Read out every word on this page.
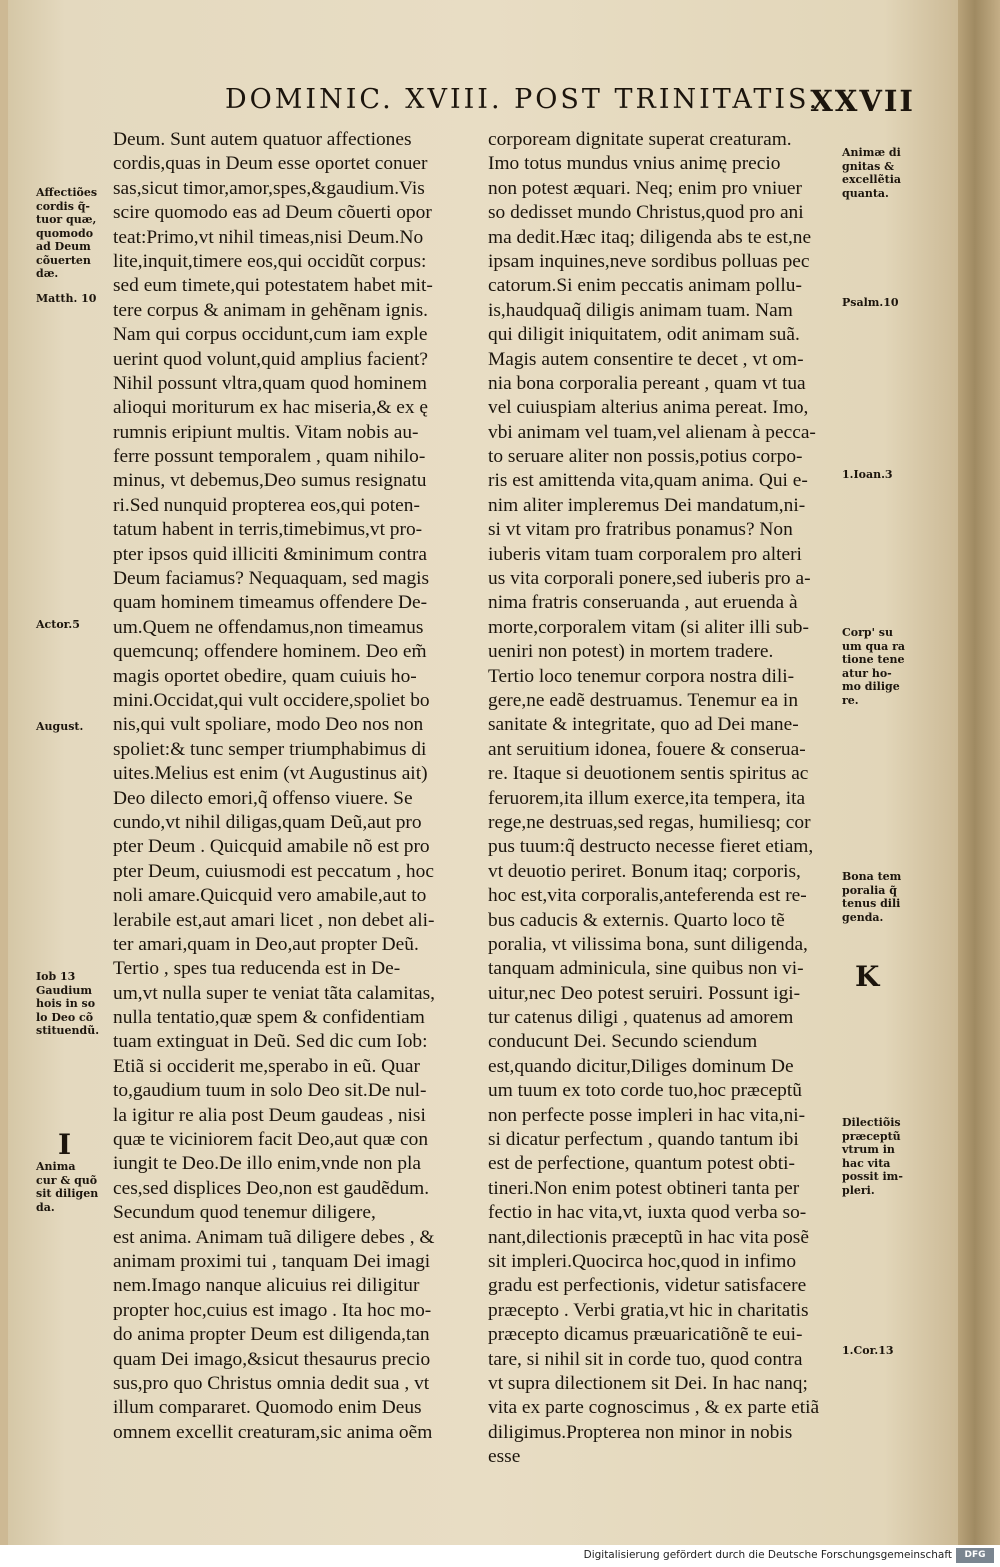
DOMINIC. XVIII. POST TRINITATIS.
XXVII
Deum. Sunt autem quatuor affectiones
cordis,quas in Deum esse oportet conuer
sas,sicut timor,amor,spes,&gaudium.Vis
scire quomodo eas ad Deum cõuerti opor
teat:Primo,vt nihil timeas,nisi Deum.No
lite,inquit,timere eos,qui occidũt corpus:
sed eum timete,qui potestatem habet mit-
tere corpus & animam in gehẽnam ignis.
Nam qui corpus occidunt,cum iam exple
uerint quod volunt,quid amplius facient?
Nihil possunt vltra,quam quod hominem
alioqui moriturum ex hac miseria,& ex ę
rumnis eripiunt multis. Vitam nobis au-
ferre possunt temporalem , quam nihilo-
minus, vt debemus,Deo sumus resignatu
ri.Sed nunquid propterea eos,qui poten-
tatum habent in terris,timebimus,vt pro-
pter ipsos quid illiciti &minimum contra
Deum faciamus? Nequaquam, sed magis
quam hominem timeamus offendere De-
um.Quem ne offendamus,non timeamus
quemcunq; offendere hominem. Deo em̃
magis oportet obedire, quam cuiuis ho-
mini.Occidat,qui vult occidere,spoliet bo
nis,qui vult spoliare, modo Deo nos non
spoliet:& tunc semper triumphabimus di
uites.Melius est enim (vt Augustinus ait)
Deo dilecto emori,q̃ offenso viuere. Se
cundo,vt nihil diligas,quam Deũ,aut pro
pter Deum . Quicquid amabile nõ est pro
pter Deum, cuiusmodi est peccatum , hoc
noli amare.Quicquid vero amabile,aut to
lerabile est,aut amari licet , non debet ali-
ter amari,quam in Deo,aut propter Deũ.
Tertio , spes tua reducenda est in De-
um,vt nulla super te veniat tãta calamitas,
nulla tentatio,quæ spem & confidentiam
tuam extinguat in Deũ. Sed dic cum Iob:
Etiã si occiderit me,sperabo in eũ. Quar
to,gaudium tuum in solo Deo sit.De nul-
la igitur re alia post Deum gaudeas , nisi
quæ te viciniorem facit Deo,aut quæ con
iungit te Deo.De illo enim,vnde non pla
ces,sed displices Deo,non est gaudẽdum.
Secundum quod tenemur diligere,
est anima. Animam tuã diligere debes , &
animam proximi tui , tanquam Dei imagi
nem.Imago nanque alicuius rei diligitur
propter hoc,cuius est imago . Ita hoc mo-
do anima propter Deum est diligenda,tan
quam Dei imago,&sicut thesaurus precio
sus,pro quo Christus omnia dedit sua , vt
illum compararet. Quomodo enim Deus
omnem excellit creaturam,sic anima oẽm
corpoream dignitate superat creaturam.
Imo totus mundus vnius animę precio
non potest æquari. Neq; enim pro vniuer
so dedisset mundo Christus,quod pro ani
ma dedit.Hæc itaq; diligenda abs te est,ne
ipsam inquines,neve sordibus polluas pec
catorum.Si enim peccatis animam pollu-
is,haudquaq̃ diligis animam tuam. Nam
qui diligit iniquitatem, odit animam suã.
Magis autem consentire te decet , vt om-
nia bona corporalia pereant , quam vt tua
vel cuiuspiam alterius anima pereat. Imo,
vbi animam vel tuam,vel alienam à pecca-
to seruare aliter non possis,potius corpo-
ris est amittenda vita,quam anima. Qui e-
nim aliter impleremus Dei mandatum,ni-
si vt vitam pro fratribus ponamus? Non
iuberis vitam tuam corporalem pro alteri
us vita corporali ponere,sed iuberis pro a-
nima fratris conseruanda , aut eruenda à
morte,corporalem vitam (si aliter illi sub-
ueniri non potest) in mortem tradere.
Tertio loco tenemur corpora nostra dili-
gere,ne eadẽ destruamus. Tenemur ea in
sanitate & integritate, quo ad Dei mane-
ant seruitium idonea, fouere & conserua-
re. Itaque si deuotionem sentis spiritus ac
feruorem,ita illum exerce,ita tempera, ita
rege,ne destruas,sed regas, humiliesq; cor
pus tuum:q̃ destructo necesse fieret etiam,
vt deuotio periret. Bonum itaq; corporis,
hoc est,vita corporalis,anteferenda est re-
bus caducis & externis. Quarto loco tẽ
poralia, vt vilissima bona, sunt diligenda,
tanquam adminicula, sine quibus non vi-
uitur,nec Deo potest seruiri. Possunt igi-
tur catenus diligi , quatenus ad amorem
conducunt Dei. Secundo sciendum
est,quando dicitur,Diliges dominum De
um tuum ex toto corde tuo,hoc præceptũ
non perfecte posse impleri in hac vita,ni-
si dicatur perfectum , quando tantum ibi
est de perfectione, quantum potest obti-
tineri.Non enim potest obtineri tanta per
fectio in hac vita,vt, iuxta quod verba so-
nant,dilectionis præceptũ in hac vita posẽ
sit impleri.Quocirca hoc,quod in infimo
gradu est perfectionis, videtur satisfacere
præcepto . Verbi gratia,vt hic in charitatis
præcepto dicamus præuaricatiõnẽ te eui-
tare, si nihil sit in corde tuo, quod contra
vt supra dilectionem sit Dei. In hac nanq;
vita ex parte cognoscimus , & ex parte etiã
diligimus.Propterea non minor in nobis
esse
Affectiões
cordis q̃-
tuor quæ,
quomodo
ad Deum
cõuerten
dæ.
Matth. 10
Actor.5
August.
Iob 13
Gaudium
hois in so
lo Deo cõ
stituendũ.
Anima
cur & quõ
sit diligen
da.
Animæ di
gnitas &
excellẽtia
quanta.
Psalm.10
1.Ioan.3
Corp' su
um qua ra
tione tene
atur ho-
mo dilige
re.
Bona tem
poralia q̃
tenus dili
genda.
Dilectiõis
præceptũ
vtrum in
hac vita
possit im-
pleri.
1.Cor.13
I
K
Digitalisierung gefördert durch die Deutsche Forschungsgemeinschaft	DFG
